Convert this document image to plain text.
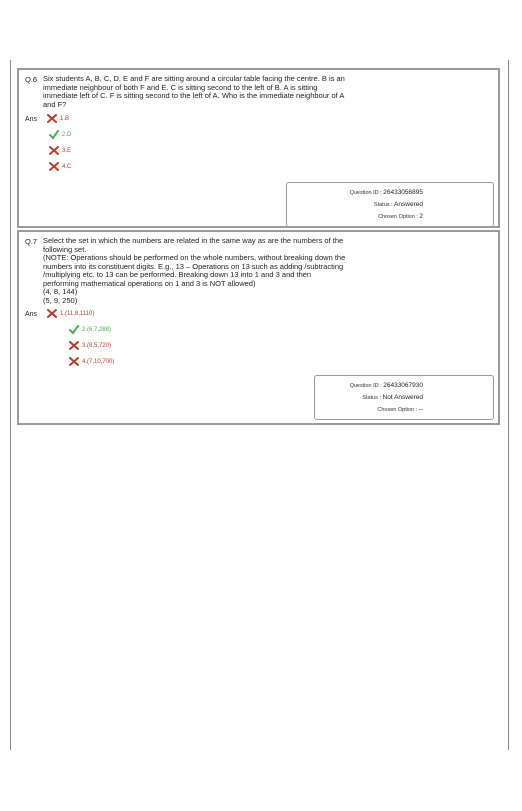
Q.6 Six students A, B, C, D, E and F are sitting around a circular table facing the centre. B is an
immediate neighbour of both F and E. C is sitting second to the left of B. A is sitting
immediate left of C. F is sitting second to the left of A. Who is the immediate neighbour of A
and F?
Ans	1.B
2.D
3.E
4.C
Question ID : 26433056895
Status : Answered
Chosen Option : 2
Q.7 Select the set in which the numbers are related in the same way as are the numbers of the
following set.
(NOTE: Operations should be performed on the whole numbers, without breaking down the
numbers into its constituent digits. E.g., 13 – Operations on 13 such as adding /subtracting
/multiplying etc. to 13 can be performed. Breaking down 13 into 1 and 3 and then
performing mathematical operations on 1 and 3 is NOT allowed)
(4, 8, 144)
(5, 9, 250)
Ans	1.(11,8,1110)
2.(6,7,288)
3.(8,5,720)
4.(7,10,700)
Question ID : 26433067930
Status : Not Answered
Chosen Option : --
